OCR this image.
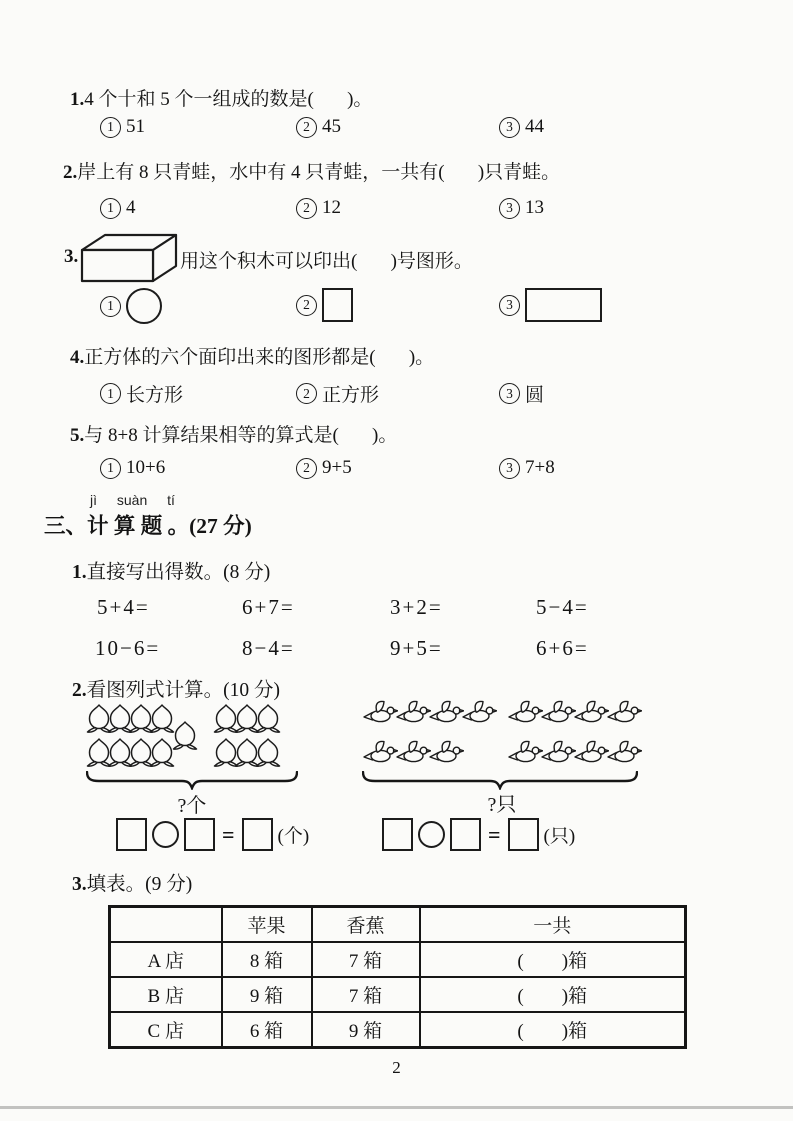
1.4 个十和 5 个一组成的数是(       )。
1 51	2 45	3 44
2.岸上有 8 只青蛙，水中有 4 只青蛙，一共有(       )只青蛙。
1 4	2 12	3 13
3.	用这个积木可以印出(       )号图形。
1	2	3
4.正方体的六个面印出来的图形都是(       )。
1 长方形	2 正方形	3 圆
5.与 8+8 计算结果相等的算式是(       )。
1 10+6	2 9+5	3 7+8
jì suàn tí
三、计 算 题 。(27 分)
1.直接写出得数。(8 分)
5+4=	6+7=	3+2=	5−4=
10−6=	8−4=	9+5=	6+6=
2.看图列式计算。(10 分)
?个	?只
= (个)	= (只)
3.填表。(9 分)
	苹果	香蕉	一共
A 店	8 箱	7 箱	(        )箱
B 店	9 箱	7 箱	(        )箱
C 店	6 箱	9 箱	(        )箱
2
